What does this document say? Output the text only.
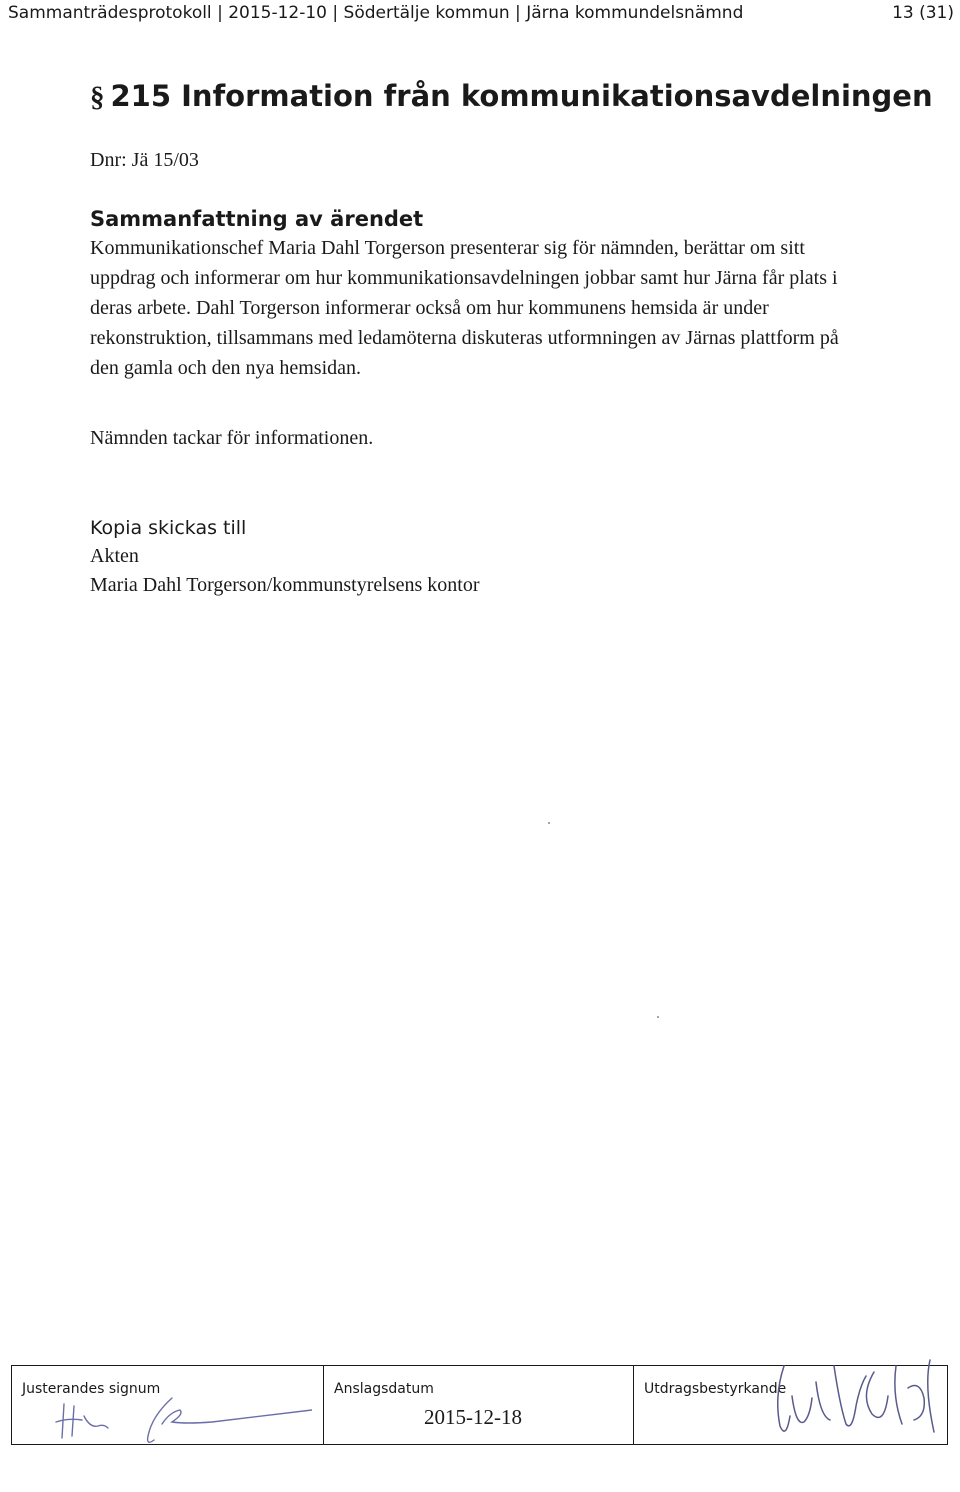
Sammanträdesprotokoll | 2015-12-10 | Södertälje kommun | Järna kommundelsnämnd	13 (31)
§ 215 Information från kommunikationsavdelningen
Dnr: Jä 15/03
Sammanfattning av ärendet
Kommunikationschef Maria Dahl Torgerson presenterar sig för nämnden, berättar om sitt
uppdrag och informerar om hur kommunikationsavdelningen jobbar samt hur Järna får plats i
deras arbete. Dahl Torgerson informerar också om hur kommunens hemsida är under
rekonstruktion, tillsammans med ledamöterna diskuteras utformningen av Järnas plattform på
den gamla och den nya hemsidan.
Nämnden tackar för informationen.
Kopia skickas till
Akten
Maria Dahl Torgerson/kommunstyrelsens kontor
Justerandes signum	Anslagsdatum
2015-12-18
Utdragsbestyrkande
